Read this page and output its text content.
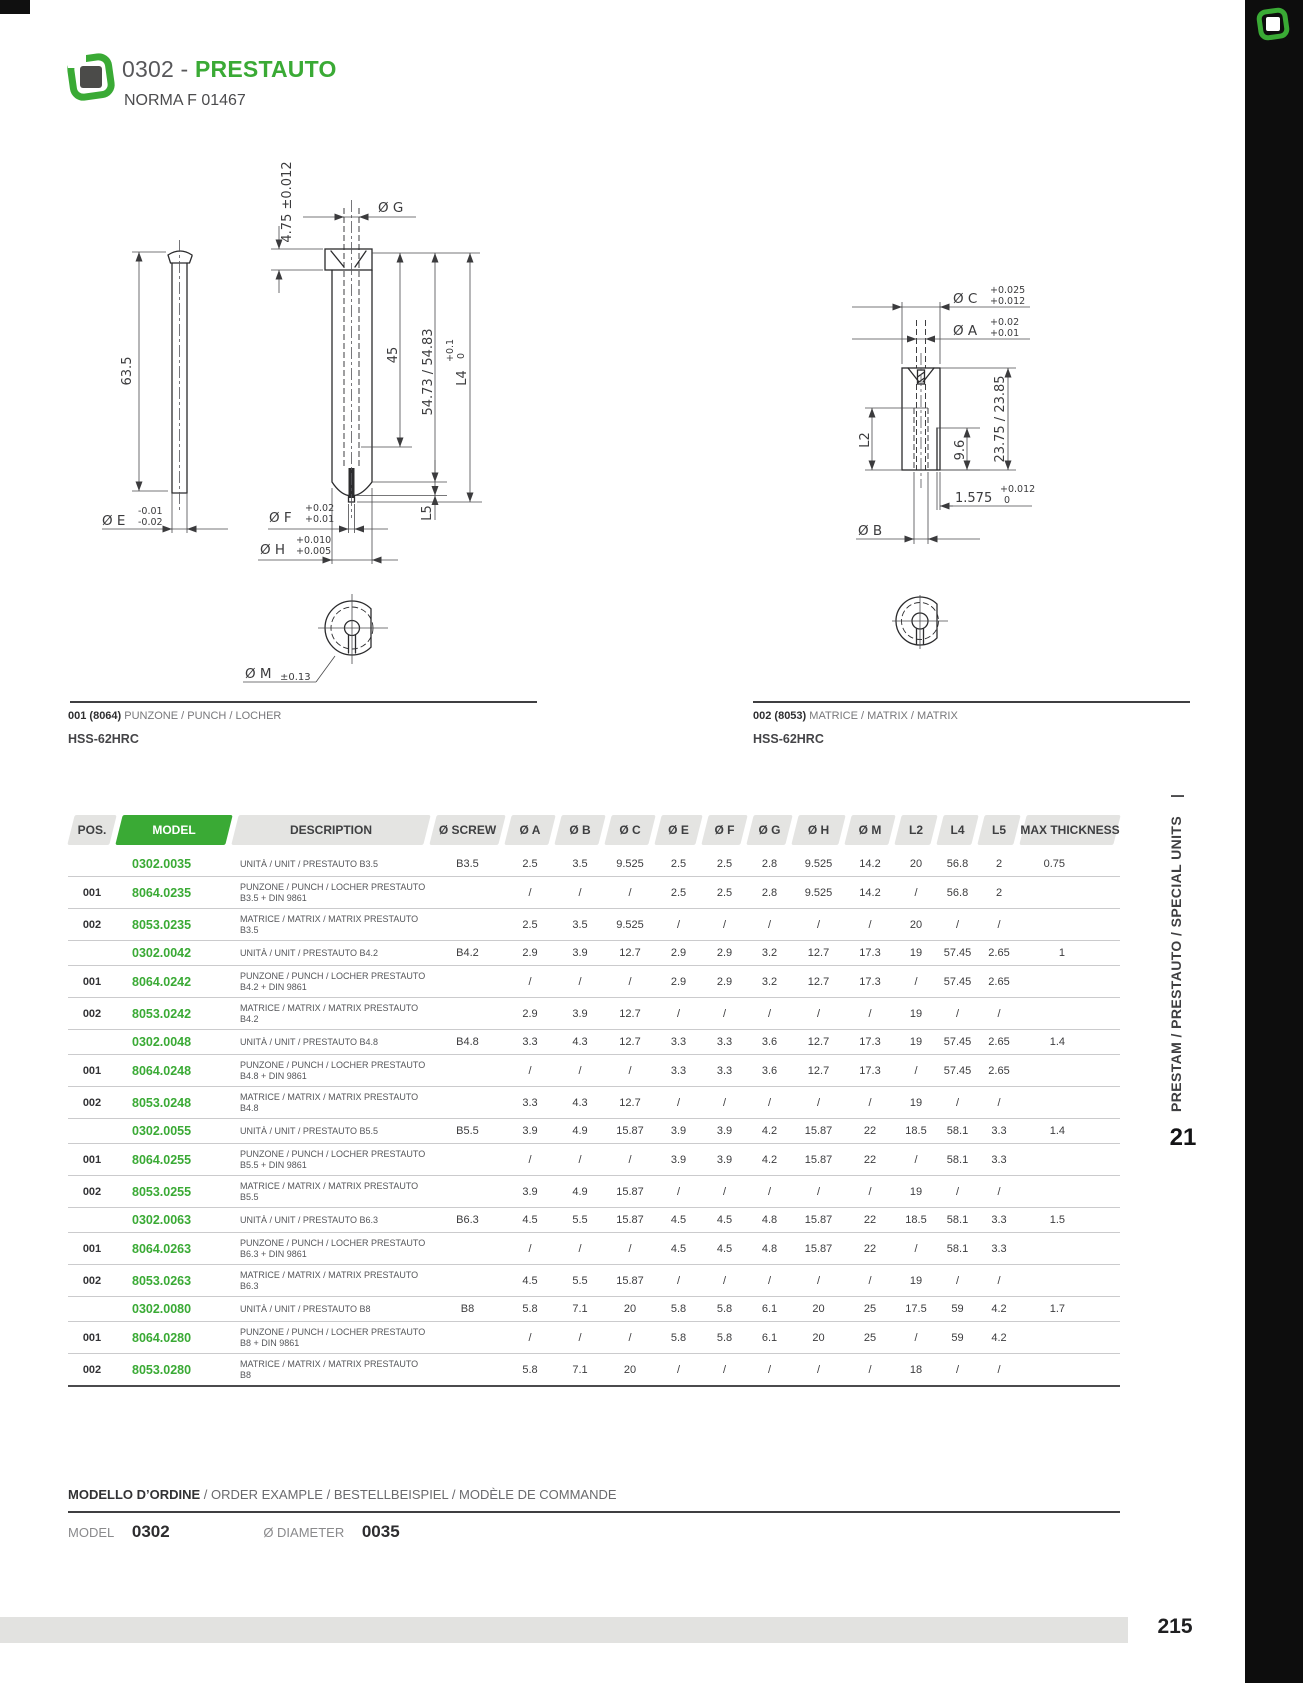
0302 - PRESTAUTO
NORMA F 01467
63.5
Ø E
-0.01
-0.02
4.75 ±0.012	Ø G
45 54.73 / 54.83 L4
+0.1 0
L5
Ø F
+0.02
+0.01
Ø H
+0.010
+0.005
Ø M ±0.13
Ø C
+0.025
+0.012
Ø A
+0.02
+0.01
L2	9.6 23.75 / 23.85
1.575
+0.012
0
Ø B
001 (8064) PUNZONE / PUNCH / LOCHER
HSS-62HRC
002 (8053) MATRICE / MATRIX / MATRIX
HSS-62HRC
POS.	MODEL	DESCRIPTION	Ø SCREW	Ø A	Ø B	Ø C	Ø E	Ø F	Ø G	Ø H	Ø M	L2	L4	L5	MAX THICKNESS

	0302.0035	UNITÀ / UNIT / PRESTAUTO B3.5	B3.5	2.5	3.5	9.525	2.5	2.5	2.8	9.525	14.2	20	56.8	2	0.75
001	8064.0235	PUNZONE / PUNCH / LOCHER PRESTAUTO
B3.5 + DIN 9861		/	/	/	2.5	2.5	2.8	9.525	14.2	/	56.8	2	
002	8053.0235	MATRICE / MATRIX / MATRIX PRESTAUTO
B3.5		2.5	3.5	9.525	/	/	/	/	/	20	/	/	
	0302.0042	UNITÀ / UNIT / PRESTAUTO B4.2	B4.2	2.9	3.9	12.7	2.9	2.9	3.2	12.7	17.3	19	57.45	2.65	1
001	8064.0242	PUNZONE / PUNCH / LOCHER PRESTAUTO
B4.2 + DIN 9861		/	/	/	2.9	2.9	3.2	12.7	17.3	/	57.45	2.65	
002	8053.0242	MATRICE / MATRIX / MATRIX PRESTAUTO
B4.2		2.9	3.9	12.7	/	/	/	/	/	19	/	/	
	0302.0048	UNITÀ / UNIT / PRESTAUTO B4.8	B4.8	3.3	4.3	12.7	3.3	3.3	3.6	12.7	17.3	19	57.45	2.65	1.4
001	8064.0248	PUNZONE / PUNCH / LOCHER PRESTAUTO
B4.8 + DIN 9861		/	/	/	3.3	3.3	3.6	12.7	17.3	/	57.45	2.65	
002	8053.0248	MATRICE / MATRIX / MATRIX PRESTAUTO
B4.8		3.3	4.3	12.7	/	/	/	/	/	19	/	/	
	0302.0055	UNITÀ / UNIT / PRESTAUTO B5.5	B5.5	3.9	4.9	15.87	3.9	3.9	4.2	15.87	22	18.5	58.1	3.3	1.4
001	8064.0255	PUNZONE / PUNCH / LOCHER PRESTAUTO
B5.5 + DIN 9861		/	/	/	3.9	3.9	4.2	15.87	22	/	58.1	3.3	
002	8053.0255	MATRICE / MATRIX / MATRIX PRESTAUTO
B5.5		3.9	4.9	15.87	/	/	/	/	/	19	/	/	
	0302.0063	UNITÀ / UNIT / PRESTAUTO B6.3	B6.3	4.5	5.5	15.87	4.5	4.5	4.8	15.87	22	18.5	58.1	3.3	1.5
001	8064.0263	PUNZONE / PUNCH / LOCHER PRESTAUTO
B6.3 + DIN 9861		/	/	/	4.5	4.5	4.8	15.87	22	/	58.1	3.3	
002	8053.0263	MATRICE / MATRIX / MATRIX PRESTAUTO
B6.3		4.5	5.5	15.87	/	/	/	/	/	19	/	/	
	0302.0080	UNITÀ / UNIT / PRESTAUTO B8	B8	5.8	7.1	20	5.8	5.8	6.1	20	25	17.5	59	4.2	1.7
001	8064.0280	PUNZONE / PUNCH / LOCHER PRESTAUTO
B8 + DIN 9861		/	/	/	5.8	5.8	6.1	20	25	/	59	4.2	
002	8053.0280	MATRICE / MATRIX / MATRIX PRESTAUTO
B8		5.8	7.1	20	/	/	/	/	/	18	/	/	
MODELLO D’ORDINE / ORDER EXAMPLE / BESTELLBEISPIEL / MODÈLE DE COMMANDE
MODEL 0302	Ø DIAMETER 0035
215
PRESTAM / PRESTAUTO / SPECIAL UNITS |
21
